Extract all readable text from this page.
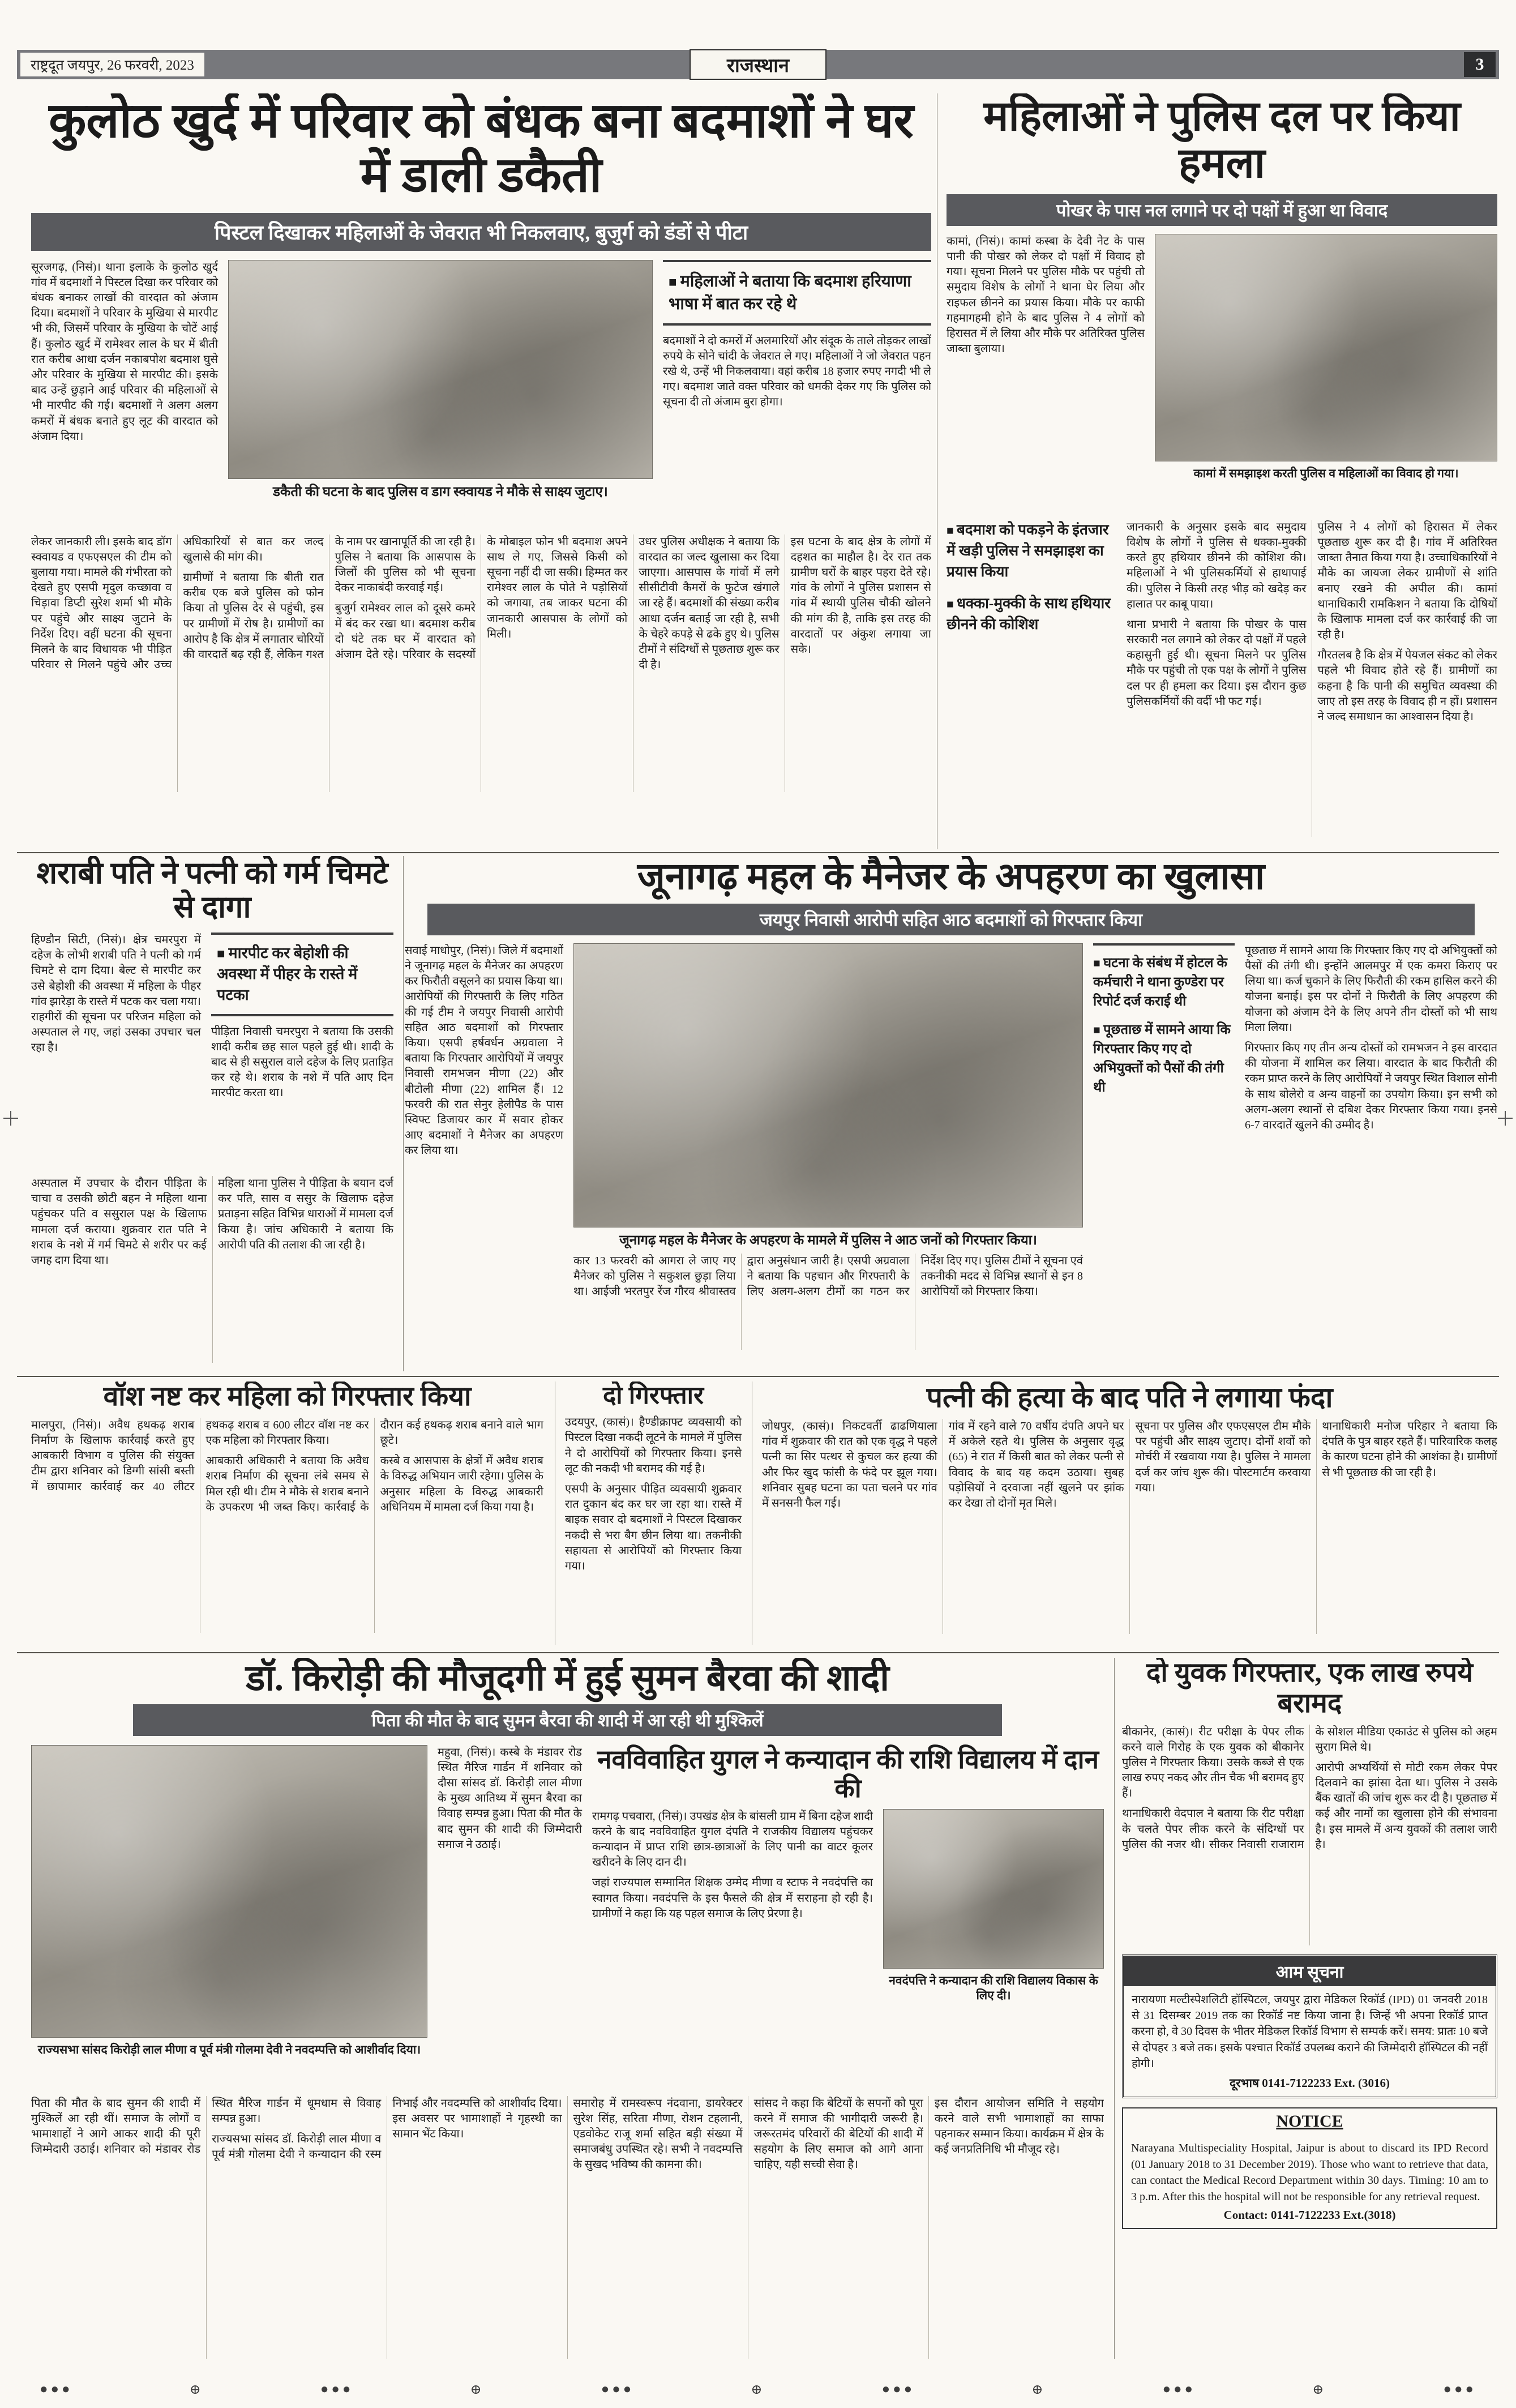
राष्ट्रदूत जयपुर, 26 फरवरी, 2023	राजस्थान	3
कुलोठ खुर्द में परिवार को बंधक बना बदमाशों ने घर में डाली डकैती
पिस्टल दिखाकर महिलाओं के जेवरात भी निकलवाए, बुजुर्ग को डंडों से पीटा

सूरजगढ़, (निसं)। थाना इलाके के कुलोठ खुर्द गांव में बदमाशों ने पिस्टल दिखा कर परिवार को बंधक बनाकर लाखों की वारदात को अंजाम दिया। बदमाशों ने परिवार के मुखिया से मारपीट भी की, जिसमें परिवार के मुखिया के चोटें आई हैं। कुलोठ खुर्द में रामेश्वर लाल के घर में बीती रात करीब आधा दर्जन नकाबपोश बदमाश घुसे और परिवार के मुखिया से मारपीट की। इसके बाद उन्हें छुड़ाने आई परिवार की महिलाओं से भी मारपीट की गई। बदमाशों ने अलग अलग कमरों में बंधक बनाते हुए लूट की वारदात को अंजाम दिया।

डकैती की घटना के बाद पुलिस व डाग स्क्वायड ने मौके से साक्ष्य जुटाए।
■ महिलाओं ने बताया कि बदमाश हरियाणा भाषा में बात कर रहे थे

बदमाशों ने दो कमरों में अलमारियों और संदूक के ताले तोड़कर लाखों रुपये के सोने चांदी के जेवरात ले गए। महिलाओं ने जो जेवरात पहन रखे थे, उन्हें भी निकलवाया। वहां करीब 18 हजार रुपए नगदी भी ले गए। बदमाश जाते वक्त परिवार को धमकी देकर गए कि पुलिस को सूचना दी तो अंजाम बुरा होगा।

लेकर जानकारी ली। इसके बाद डॉग स्क्वायड व एफएसएल की टीम को बुलाया गया। मामले की गंभीरता को देखते हुए एसपी मृदुल कच्छावा व चिड़ावा डिप्टी सुरेश शर्मा भी मौके पर पहुंचे और साक्ष्य जुटाने के निर्देश दिए। वहीं घटना की सूचना मिलने के बाद विधायक भी पीड़ित परिवार से मिलने पहुंचे और उच्च अधिकारियों से बात कर जल्द खुलासे की मांग की।

ग्रामीणों ने बताया कि बीती रात करीब एक बजे पुलिस को फोन किया तो पुलिस देर से पहुंची, इस पर ग्रामीणों में रोष है। ग्रामीणों का आरोप है कि क्षेत्र में लगातार चोरियों की वारदातें बढ़ रही हैं, लेकिन गश्त के नाम पर खानापूर्ति की जा रही है। पुलिस ने बताया कि आसपास के जिलों की पुलिस को भी सूचना देकर नाकाबंदी करवाई गई।

बुजुर्ग रामेश्वर लाल को दूसरे कमरे में बंद कर रखा था। बदमाश करीब दो घंटे तक घर में वारदात को अंजाम देते रहे। परिवार के सदस्यों के मोबाइल फोन भी बदमाश अपने साथ ले गए, जिससे किसी को सूचना नहीं दी जा सकी। हिम्मत कर रामेश्वर लाल के पोते ने पड़ोसियों को जगाया, तब जाकर घटना की जानकारी आसपास के लोगों को मिली।

उधर पुलिस अधीक्षक ने बताया कि वारदात का जल्द खुलासा कर दिया जाएगा। आसपास के गांवों में लगे सीसीटीवी कैमरों के फुटेज खंगाले जा रहे हैं। बदमाशों की संख्या करीब आधा दर्जन बताई जा रही है, सभी के चेहरे कपड़े से ढके हुए थे। पुलिस टीमों ने संदिग्धों से पूछताछ शुरू कर दी है।

इस घटना के बाद क्षेत्र के लोगों में दहशत का माहौल है। देर रात तक ग्रामीण घरों के बाहर पहरा देते रहे। गांव के लोगों ने पुलिस प्रशासन से गांव में स्थायी पुलिस चौकी खोलने की मांग की है, ताकि इस तरह की वारदातों पर अंकुश लगाया जा सके।

महिलाओं ने पुलिस दल पर किया हमला
पोखर के पास नल लगाने पर दो पक्षों में हुआ था विवाद

कामां, (निसं)। कामां कस्बा के देवी नेट के पास पानी की पोखर को लेकर दो पक्षों में विवाद हो गया। सूचना मिलने पर पुलिस मौके पर पहुंची तो समुदाय विशेष के लोगों ने थाना घेर लिया और राइफल छीनने का प्रयास किया। मौके पर काफी गहमागहमी होने के बाद पुलिस ने 4 लोगों को हिरासत में ले लिया और मौके पर अतिरिक्त पुलिस जाब्ता बुलाया।

कामां में समझाइश करती पुलिस व महिलाओं का विवाद हो गया।

■ बदमाश को पकड़ने के इंतजार में खड़ी पुलिस ने समझाइश का प्रयास किया

■ धक्का-मुक्की के साथ हथियार छीनने की कोशिश

जानकारी के अनुसार इसके बाद समुदाय विशेष के लोगों ने पुलिस से धक्का-मुक्की करते हुए हथियार छीनने की कोशिश की। महिलाओं ने भी पुलिसकर्मियों से हाथापाई की। पुलिस ने किसी तरह भीड़ को खदेड़ कर हालात पर काबू पाया।

थाना प्रभारी ने बताया कि पोखर के पास सरकारी नल लगाने को लेकर दो पक्षों में पहले कहासुनी हुई थी। सूचना मिलने पर पुलिस मौके पर पहुंची तो एक पक्ष के लोगों ने पुलिस दल पर ही हमला कर दिया। इस दौरान कुछ पुलिसकर्मियों की वर्दी भी फट गई।

पुलिस ने 4 लोगों को हिरासत में लेकर पूछताछ शुरू कर दी है। गांव में अतिरिक्त जाब्ता तैनात किया गया है। उच्चाधिकारियों ने मौके का जायजा लेकर ग्रामीणों से शांति बनाए रखने की अपील की। कामां थानाधिकारी रामकिशन ने बताया कि दोषियों के खिलाफ मामला दर्ज कर कार्रवाई की जा रही है।

गौरतलब है कि क्षेत्र में पेयजल संकट को लेकर पहले भी विवाद होते रहे हैं। ग्रामीणों का कहना है कि पानी की समुचित व्यवस्था की जाए तो इस तरह के विवाद ही न हों। प्रशासन ने जल्द समाधान का आश्वासन दिया है।

शराबी पति ने पत्नी को गर्म चिमटे से दागा

हिण्डौन सिटी, (निसं)। क्षेत्र चमरपुरा में दहेज के लोभी शराबी पति ने पत्नी को गर्म चिमटे से दाग दिया। बेल्ट से मारपीट कर उसे बेहोशी की अवस्था में महिला के पीहर गांव झारेड़ा के रास्ते में पटक कर चला गया। राहगीरों की सूचना पर परिजन महिला को अस्पताल ले गए, जहां उसका उपचार चल रहा है।

■ मारपीट कर बेहोशी की अवस्था में पीहर के रास्ते में पटका

पीड़िता निवासी चमरपुरा ने बताया कि उसकी शादी करीब छह साल पहले हुई थी। शादी के बाद से ही ससुराल वाले दहेज के लिए प्रताड़ित कर रहे थे। शराब के नशे में पति आए दिन मारपीट करता था।

अस्पताल में उपचार के दौरान पीड़िता के चाचा व उसकी छोटी बहन ने महिला थाना पहुंचकर पति व ससुराल पक्ष के खिलाफ मामला दर्ज कराया। शुक्रवार रात पति ने शराब के नशे में गर्म चिमटे से शरीर पर कई जगह दाग दिया था।

महिला थाना पुलिस ने पीड़िता के बयान दर्ज कर पति, सास व ससुर के खिलाफ दहेज प्रताड़ना सहित विभिन्न धाराओं में मामला दर्ज किया है। जांच अधिकारी ने बताया कि आरोपी पति की तलाश की जा रही है।

जूनागढ़ महल के मैनेजर के अपहरण का खुलासा
जयपुर निवासी आरोपी सहित आठ बदमाशों को गिरफ्तार किया

सवाई माधोपुर, (निसं)। जिले में बदमाशों ने जूनागढ़ महल के मैनेजर का अपहरण कर फिरौती वसूलने का प्रयास किया था। आरोपियों की गिरफ्तारी के लिए गठित की गई टीम ने जयपुर निवासी आरोपी सहित आठ बदमाशों को गिरफ्तार किया। एसपी हर्षवर्धन अग्रवाला ने बताया कि गिरफ्तार आरोपियों में जयपुर निवासी रामभजन मीणा (22) और बीटोली मीणा (22) शामिल हैं। 12 फरवरी की रात सेनुर हेलीपैड के पास स्विफ्ट डिजायर कार में सवार होकर आए बदमाशों ने मैनेजर का अपहरण कर लिया था।

जूनागढ़ महल के मैनेजर के अपहरण के मामले में पुलिस ने आठ जनों को गिरफ्तार किया।

कार 13 फरवरी को आगरा ले जाए गए मैनेजर को पुलिस ने सकुशल छुड़ा लिया था। आईजी भरतपुर रेंज गौरव श्रीवास्तव द्वारा अनुसंधान जारी है। एसपी अग्रवाला ने बताया कि पहचान और गिरफ्तारी के लिए अलग-अलग टीमों का गठन कर निर्देश दिए गए। पुलिस टीमों ने सूचना एवं तकनीकी मदद से विभिन्न स्थानों से इन 8 आरोपियों को गिरफ्तार किया।

■ घटना के संबंध में होटल के कर्मचारी ने थाना कुण्डेरा पर रिपोर्ट दर्ज कराई थी

■ पूछताछ में सामने आया कि गिरफ्तार किए गए दो अभियुक्तों को पैसों की तंगी थी

पूछताछ में सामने आया कि गिरफ्तार किए गए दो अभियुक्तों को पैसों की तंगी थी। इन्होंने आलमपुर में एक कमरा किराए पर लिया था। कर्ज चुकाने के लिए फिरौती की रकम हासिल करने की योजना बनाई। इस पर दोनों ने फिरौती के लिए अपहरण की योजना को अंजाम देने के लिए अपने तीन दोस्तों को भी साथ मिला लिया।

गिरफ्तार किए गए तीन अन्य दोस्तों को रामभजन ने इस वारदात की योजना में शामिल कर लिया। वारदात के बाद फिरौती की रकम प्राप्त करने के लिए आरोपियों ने जयपुर स्थित विशाल सोनी के साथ बोलेरो व अन्य वाहनों का उपयोग किया। इन सभी को अलग-अलग स्थानों से दबिश देकर गिरफ्तार किया गया। इनसे 6-7 वारदातें खुलने की उम्मीद है।

वॉश नष्ट कर महिला को गिरफ्तार किया

मालपुरा, (निसं)। अवैध हथकढ़ शराब निर्माण के खिलाफ कार्रवाई करते हुए आबकारी विभाग व पुलिस की संयुक्त टीम द्वारा शनिवार को डिग्गी सांसी बस्ती में छापामार कार्रवाई कर 40 लीटर हथकढ़ शराब व 600 लीटर वॉश नष्ट कर एक महिला को गिरफ्तार किया।

आबकारी अधिकारी ने बताया कि अवैध शराब निर्माण की सूचना लंबे समय से मिल रही थी। टीम ने मौके से शराब बनाने के उपकरण भी जब्त किए। कार्रवाई के दौरान कई हथकढ़ शराब बनाने वाले भाग छूटे।

कस्बे व आसपास के क्षेत्रों में अवैध शराब के विरुद्ध अभियान जारी रहेगा। पुलिस के अनुसार महिला के विरुद्ध आबकारी अधिनियम में मामला दर्ज किया गया है।

दो गिरफ्तार

उदयपुर, (कासं)। हैण्डीक्राफ्ट व्यवसायी को पिस्टल दिखा नकदी लूटने के मामले में पुलिस ने दो आरोपियों को गिरफ्तार किया। इनसे लूट की नकदी भी बरामद की गई है।

एसपी के अनुसार पीड़ित व्यवसायी शुक्रवार रात दुकान बंद कर घर जा रहा था। रास्ते में बाइक सवार दो बदमाशों ने पिस्टल दिखाकर नकदी से भरा बैग छीन लिया था। तकनीकी सहायता से आरोपियों को गिरफ्तार किया गया।

पत्नी की हत्या के बाद पति ने लगाया फंदा

जोधपुर, (कासं)। निकटवर्ती ढाढणियाला गांव में शुक्रवार की रात को एक वृद्ध ने पहले पत्नी का सिर पत्थर से कुचल कर हत्या की और फिर खुद फांसी के फंदे पर झूल गया। शनिवार सुबह घटना का पता चलने पर गांव में सनसनी फैल गई।

गांव में रहने वाले 70 वर्षीय दंपति अपने घर में अकेले रहते थे। पुलिस के अनुसार वृद्ध (65) ने रात में किसी बात को लेकर पत्नी से विवाद के बाद यह कदम उठाया। सुबह पड़ोसियों ने दरवाजा नहीं खुलने पर झांक कर देखा तो दोनों मृत मिले।

सूचना पर पुलिस और एफएसएल टीम मौके पर पहुंची और साक्ष्य जुटाए। दोनों शवों को मोर्चरी में रखवाया गया है। पुलिस ने मामला दर्ज कर जांच शुरू की। पोस्टमार्टम करवाया गया।

थानाधिकारी मनोज परिहार ने बताया कि दंपति के पुत्र बाहर रहते हैं। पारिवारिक कलह के कारण घटना होने की आशंका है। ग्रामीणों से भी पूछताछ की जा रही है।

डॉ. किरोड़ी की मौजूदगी में हुई सुमन बैरवा की शादी
पिता की मौत के बाद सुमन बैरवा की शादी में आ रही थी मुश्किलें
राज्यसभा सांसद किरोड़ी लाल मीणा व पूर्व मंत्री गोलमा देवी ने नवदम्पत्ति को आशीर्वाद दिया।

महुवा, (निसं)। कस्बे के मंडावर रोड स्थित मैरिज गार्डन में शनिवार को दौसा सांसद डॉ. किरोड़ी लाल मीणा के मुख्य आतिथ्य में सुमन बैरवा का विवाह सम्पन्न हुआ। पिता की मौत के बाद सुमन की शादी की जिम्मेदारी समाज ने उठाई।

नवविवाहित युगल ने कन्यादान की राशि विद्यालय में दान की

रामगढ़ पचवारा, (निसं)। उपखंड क्षेत्र के बांसली ग्राम में बिना दहेज शादी करने के बाद नवविवाहित युगल दंपति ने राजकीय विद्यालय पहुंचकर कन्यादान में प्राप्त राशि छात्र-छात्राओं के लिए पानी का वाटर कूलर खरीदने के लिए दान दी।

जहां राज्यपाल सम्मानित शिक्षक उम्मेद मीणा व स्टाफ ने नवदंपत्ति का स्वागत किया। नवदंपत्ति के इस फैसले की क्षेत्र में सराहना हो रही है। ग्रामीणों ने कहा कि यह पहल समाज के लिए प्रेरणा है।

नवदंपत्ति ने कन्यादान की राशि विद्यालय विकास के लिए दी।

पिता की मौत के बाद सुमन की शादी में मुश्किलें आ रही थीं। समाज के लोगों व भामाशाहों ने आगे आकर शादी की पूरी जिम्मेदारी उठाई। शनिवार को मंडावर रोड स्थित मैरिज गार्डन में धूमधाम से विवाह सम्पन्न हुआ।

राज्यसभा सांसद डॉ. किरोड़ी लाल मीणा व पूर्व मंत्री गोलमा देवी ने कन्यादान की रस्म निभाई और नवदम्पत्ति को आशीर्वाद दिया। इस अवसर पर भामाशाहों ने गृहस्थी का सामान भेंट किया।

समारोह में रामस्वरूप नंदवाना, डायरेक्टर सुरेश सिंह, सरिता मीणा, रोशन टहलानी, एडवोकेट राजू शर्मा सहित बड़ी संख्या में समाजबंधु उपस्थित रहे। सभी ने नवदम्पत्ति के सुखद भविष्य की कामना की।

सांसद ने कहा कि बेटियों के सपनों को पूरा करने में समाज की भागीदारी जरूरी है। जरूरतमंद परिवारों की बेटियों की शादी में सहयोग के लिए समाज को आगे आना चाहिए, यही सच्ची सेवा है।

इस दौरान आयोजन समिति ने सहयोग करने वाले सभी भामाशाहों का साफा पहनाकर सम्मान किया। कार्यक्रम में क्षेत्र के कई जनप्रतिनिधि भी मौजूद रहे।

दो युवक गिरफ्तार, एक लाख रुपये बरामद

बीकानेर, (कासं)। रीट परीक्षा के पेपर लीक करने वाले गिरोह के एक युवक को बीकानेर पुलिस ने गिरफ्तार किया। उसके कब्जे से एक लाख रुपए नकद और तीन चैक भी बरामद हुए हैं।

थानाधिकारी वेदपाल ने बताया कि रीट परीक्षा के चलते पेपर लीक करने के संदिग्धों पर पुलिस की नजर थी। सीकर निवासी राजाराम के सोशल मीडिया एकाउंट से पुलिस को अहम सुराग मिले थे।

आरोपी अभ्यर्थियों से मोटी रकम लेकर पेपर दिलवाने का झांसा देता था। पुलिस ने उसके बैंक खातों की जांच शुरू कर दी है। पूछताछ में कई और नामों का खुलासा होने की संभावना है। इस मामले में अन्य युवकों की तलाश जारी है।

आम सूचना
नारायणा मल्टीस्पेशलिटी हॉस्पिटल, जयपुर द्वारा मेडिकल रिकॉर्ड (IPD) 01 जनवरी 2018 से 31 दिसम्बर 2019 तक का रिकॉर्ड नष्ट किया जाना है। जिन्हें भी अपना रिकॉर्ड प्राप्त करना हो, वे 30 दिवस के भीतर मेडिकल रिकॉर्ड विभाग से सम्पर्क करें। समय: प्रातः 10 बजे से दोपहर 3 बजे तक। इसके पश्चात रिकॉर्ड उपलब्ध कराने की जिम्मेदारी हॉस्पिटल की नहीं होगी।
दूरभाष 0141-7122233 Ext. (3016)
NOTICE
Narayana Multispeciality Hospital, Jaipur is about to discard its IPD Record (01 January 2018 to 31 December 2019). Those who want to retrieve that data, can contact the Medical Record Department within 30 days. Timing: 10 am to 3 p.m. After this the hospital will not be responsible for any retrieval request.
Contact: 0141-7122233 Ext.(3018)

●●●	⊕	●●●	⊕	●●●	⊕	●●●	⊕	●●●	⊕	●●●
